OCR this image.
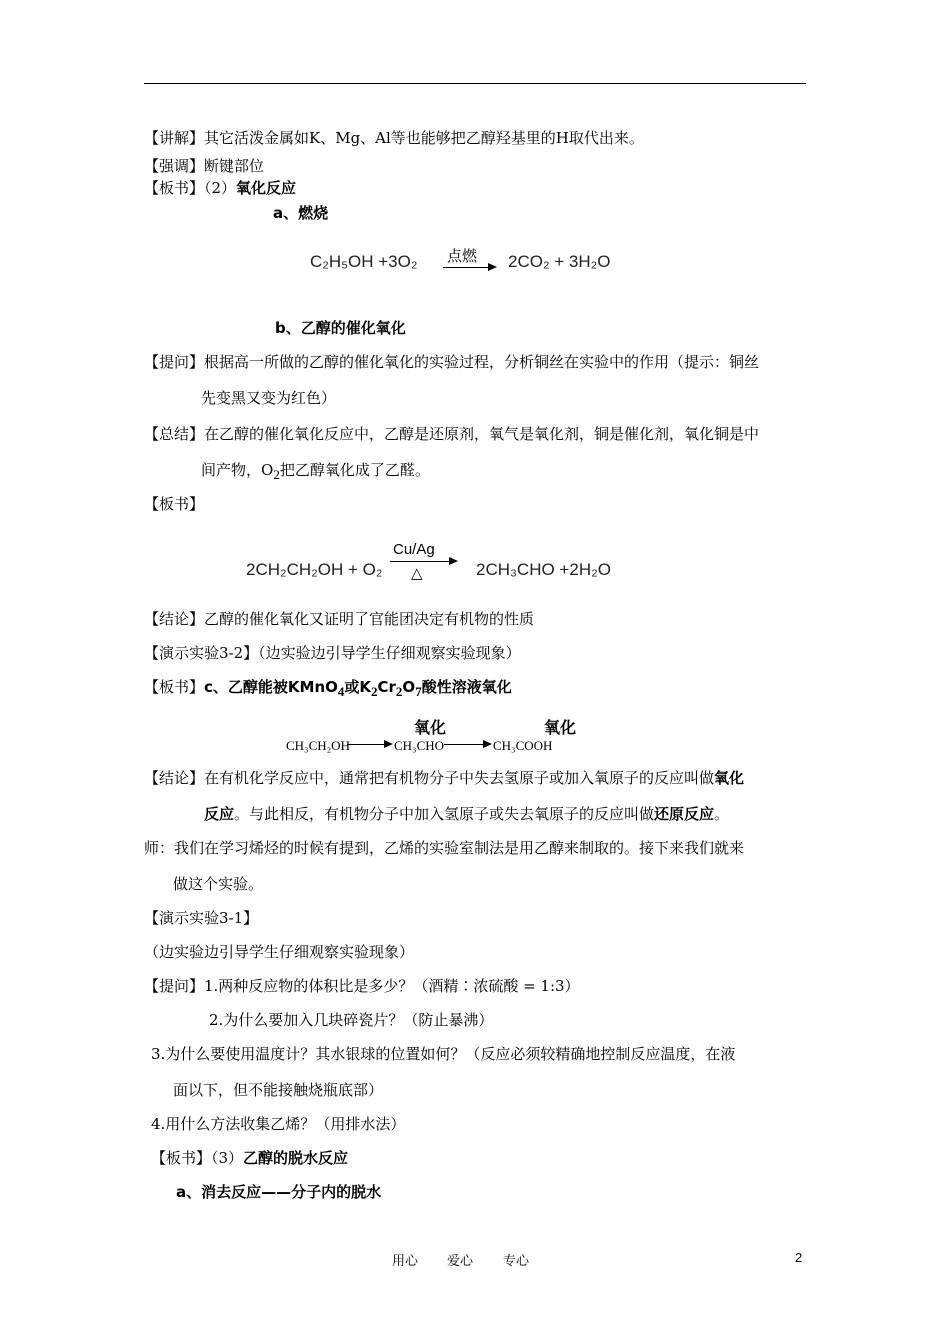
【讲解】其它活泼金属如K、Mg、Al等也能够把乙醇羟基里的H取代出来。
【强调】断键部位
【板书】（2）氧化反应
a、燃烧
C₂H₅OH +3O₂ 点燃 2CO₂ + 3H₂O
b、乙醇的催化氧化
【提问】根据高一所做的乙醇的催化氧化的实验过程，分析铜丝在实验中的作用（提示：铜丝
先变黑又变为红色）
【总结】在乙醇的催化氧化反应中，乙醇是还原剂，氧气是氧化剂，铜是催化剂，氧化铜是中
间产物，$O_2$把乙醇氧化成了乙醛。
【板书】
2CH₂CH₂OH + O₂
Cu/Ag
△	2CH₃CHO +2H₂O
【结论】乙醇的催化氧化又证明了官能团决定有机物的性质
【演示实验3-2】（边实验边引导学生仔细观察实验现象）
【板书】c、乙醇能被KMnO$_4$或$K_2Cr_2O_7$酸性溶液氧化
氧化	氧化
CH₃CH₂OH	CH₃CHO	CH₃COOH
【结论】在有机化学反应中，通常把有机物分子中失去氢原子或加入氧原子的反应叫做氧化
反应。与此相反，有机物分子中加入氢原子或失去氧原子的反应叫做还原反应。
师：我们在学习烯烃的时候有提到，乙烯的实验室制法是用乙醇来制取的。接下来我们就来
做这个实验。
【演示实验3-1】
（边实验边引导学生仔细观察实验现象）
【提问】1.两种反应物的体积比是多少？（酒精∶浓硫酸 = 1:3）
2.为什么要加入几块碎瓷片？（防止暴沸）
3.为什么要使用温度计？其水银球的位置如何？（反应必须较精确地控制反应温度，在液
面以下，但不能接触烧瓶底部）
4.用什么方法收集乙烯？（用排水法）
【板书】（3）乙醇的脱水反应
a、消去反应——分子内的脱水
用心 爱心 专心	2
